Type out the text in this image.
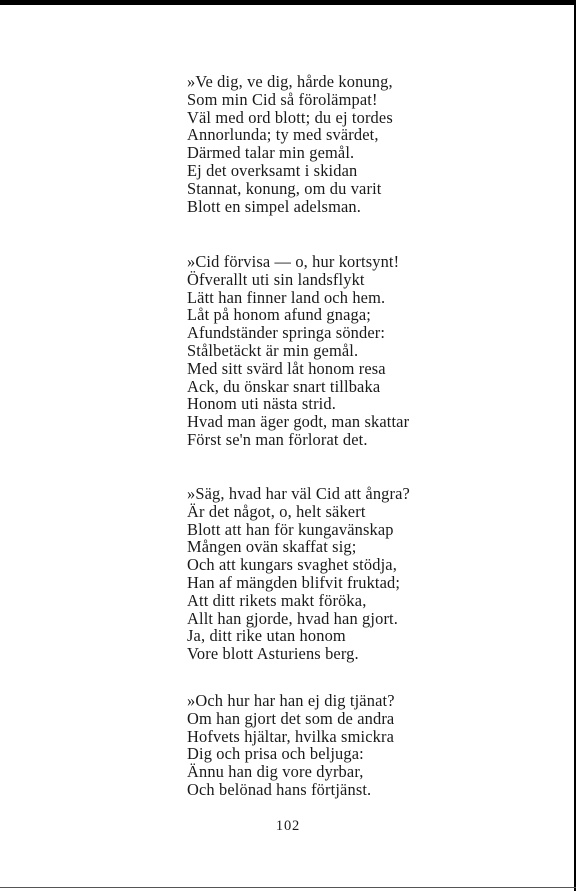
»Ve dig, ve dig, hårde konung,
Som min Cid så förolämpat!
Väl med ord blott; du ej tordes
Annorlunda; ty med svärdet,
Därmed talar min gemål.
Ej det overksamt i skidan
Stannat, konung, om du varit
Blott en simpel adelsman.
»Cid förvisa — o, hur kortsynt!
Öfverallt uti sin landsflykt
Lätt han finner land och hem.
Låt på honom afund gnaga;
Afundständer springa sönder:
Stålbetäckt är min gemål.
Med sitt svärd låt honom resa
Ack, du önskar snart tillbaka
Honom uti nästa strid.
Hvad man äger godt, man skattar
Först se'n man förlorat det.
»Säg, hvad har väl Cid att ångra?
Är det något, o, helt säkert
Blott att han för kungavänskap
Mången ovän skaffat sig;
Och att kungars svaghet stödja,
Han af mängden blifvit fruktad;
Att ditt rikets makt föröka,
Allt han gjorde, hvad han gjort.
Ja, ditt rike utan honom
Vore blott Asturiens berg.
»Och hur har han ej dig tjänat?
Om han gjort det som de andra
Hofvets hjältar, hvilka smickra
Dig och prisa och beljuga:
Ännu han dig vore dyrbar,
Och belönad hans förtjänst.
102
